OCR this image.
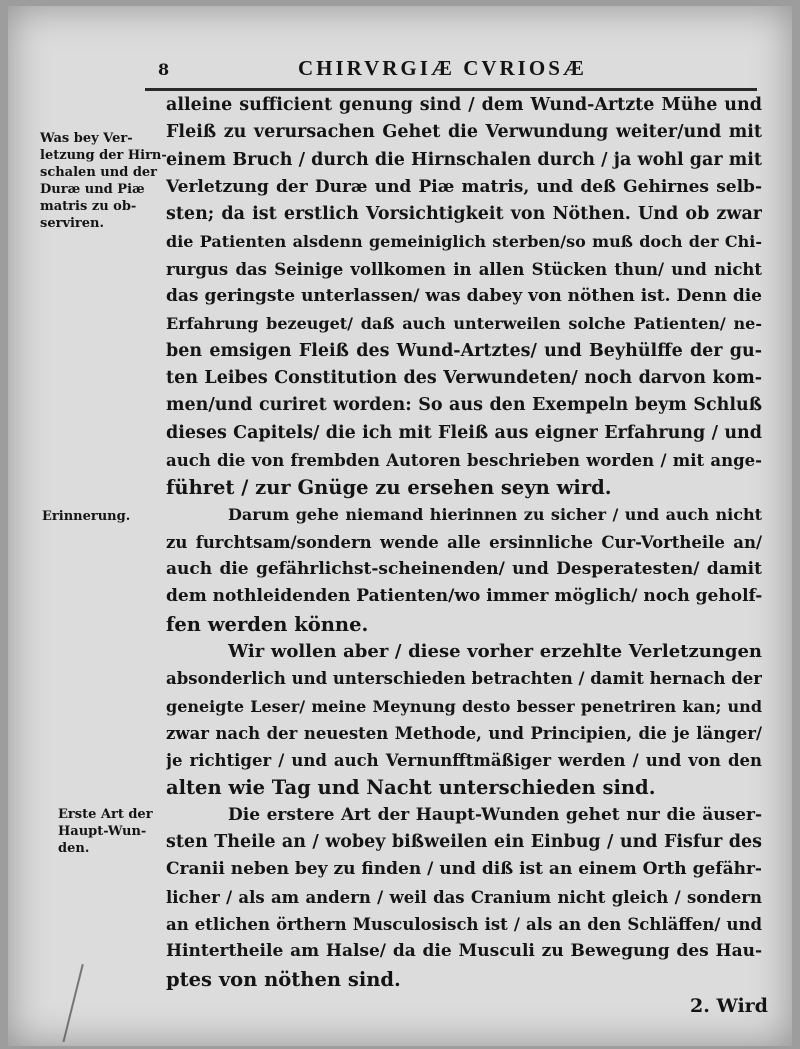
8	CHIRVRGIÆ CVRIOSÆ
Was bey Ver-
letzung der Hirn-
schalen und der
Duræ und Piæ
matris zu ob-
serviren.
Erinnerung.
Erste Art der
Haupt-Wun-
den.
alleine sufficient genung sind / dem Wund-Artzte Mühe und
Fleiß zu verursachen Gehet die Verwundung weiter/und mit
einem Bruch / durch die Hirnschalen durch / ja wohl gar mit
Verletzung der Duræ und Piæ matris, und deß Gehirnes selb-
sten; da ist erstlich Vorsichtigkeit von Nöthen. Und ob zwar
die Patienten alsdenn gemeiniglich sterben/so muß doch der Chi-
rurgus das Seinige vollkomen in allen Stücken thun/ und nicht
das geringste unterlassen/ was dabey von nöthen ist. Denn die
Erfahrung bezeuget/ daß auch unterweilen solche Patienten/ ne-
ben emsigen Fleiß des Wund-Artztes/ und Beyhülffe der gu-
ten Leibes Constitution des Verwundeten/ noch darvon kom-
men/und curiret worden: So aus den Exempeln beym Schluß
dieses Capitels/ die ich mit Fleiß aus eigner Erfahrung / und
auch die von frembden Autoren beschrieben worden / mit ange-
führet / zur Gnüge zu ersehen seyn wird.
Darum gehe niemand hierinnen zu sicher / und auch nicht
zu furchtsam/sondern wende alle ersinnliche Cur-Vortheile an/
auch die gefährlichst-scheinenden/ und Desperatesten/ damit
dem nothleidenden Patienten/wo immer möglich/ noch geholf-
fen werden könne.
Wir wollen aber / diese vorher erzehlte Verletzungen
absonderlich und unterschieden betrachten / damit hernach der
geneigte Leser/ meine Meynung desto besser penetriren kan; und
zwar nach der neuesten Methode, und Principien, die je länger/
je richtiger / und auch Vernunfftmäßiger werden / und von den
alten wie Tag und Nacht unterschieden sind.
Die erstere Art der Haupt-Wunden gehet nur die äuser-
sten Theile an / wobey bißweilen ein Einbug / und Fisfur des
Cranii neben bey zu finden / und diß ist an einem Orth gefähr-
licher / als am andern / weil das Cranium nicht gleich / sondern
an etlichen örthern Musculosisch ist / als an den Schläffen/ und
Hintertheile am Halse/ da die Musculi zu Bewegung des Hau-
ptes von nöthen sind.
2. Wird
